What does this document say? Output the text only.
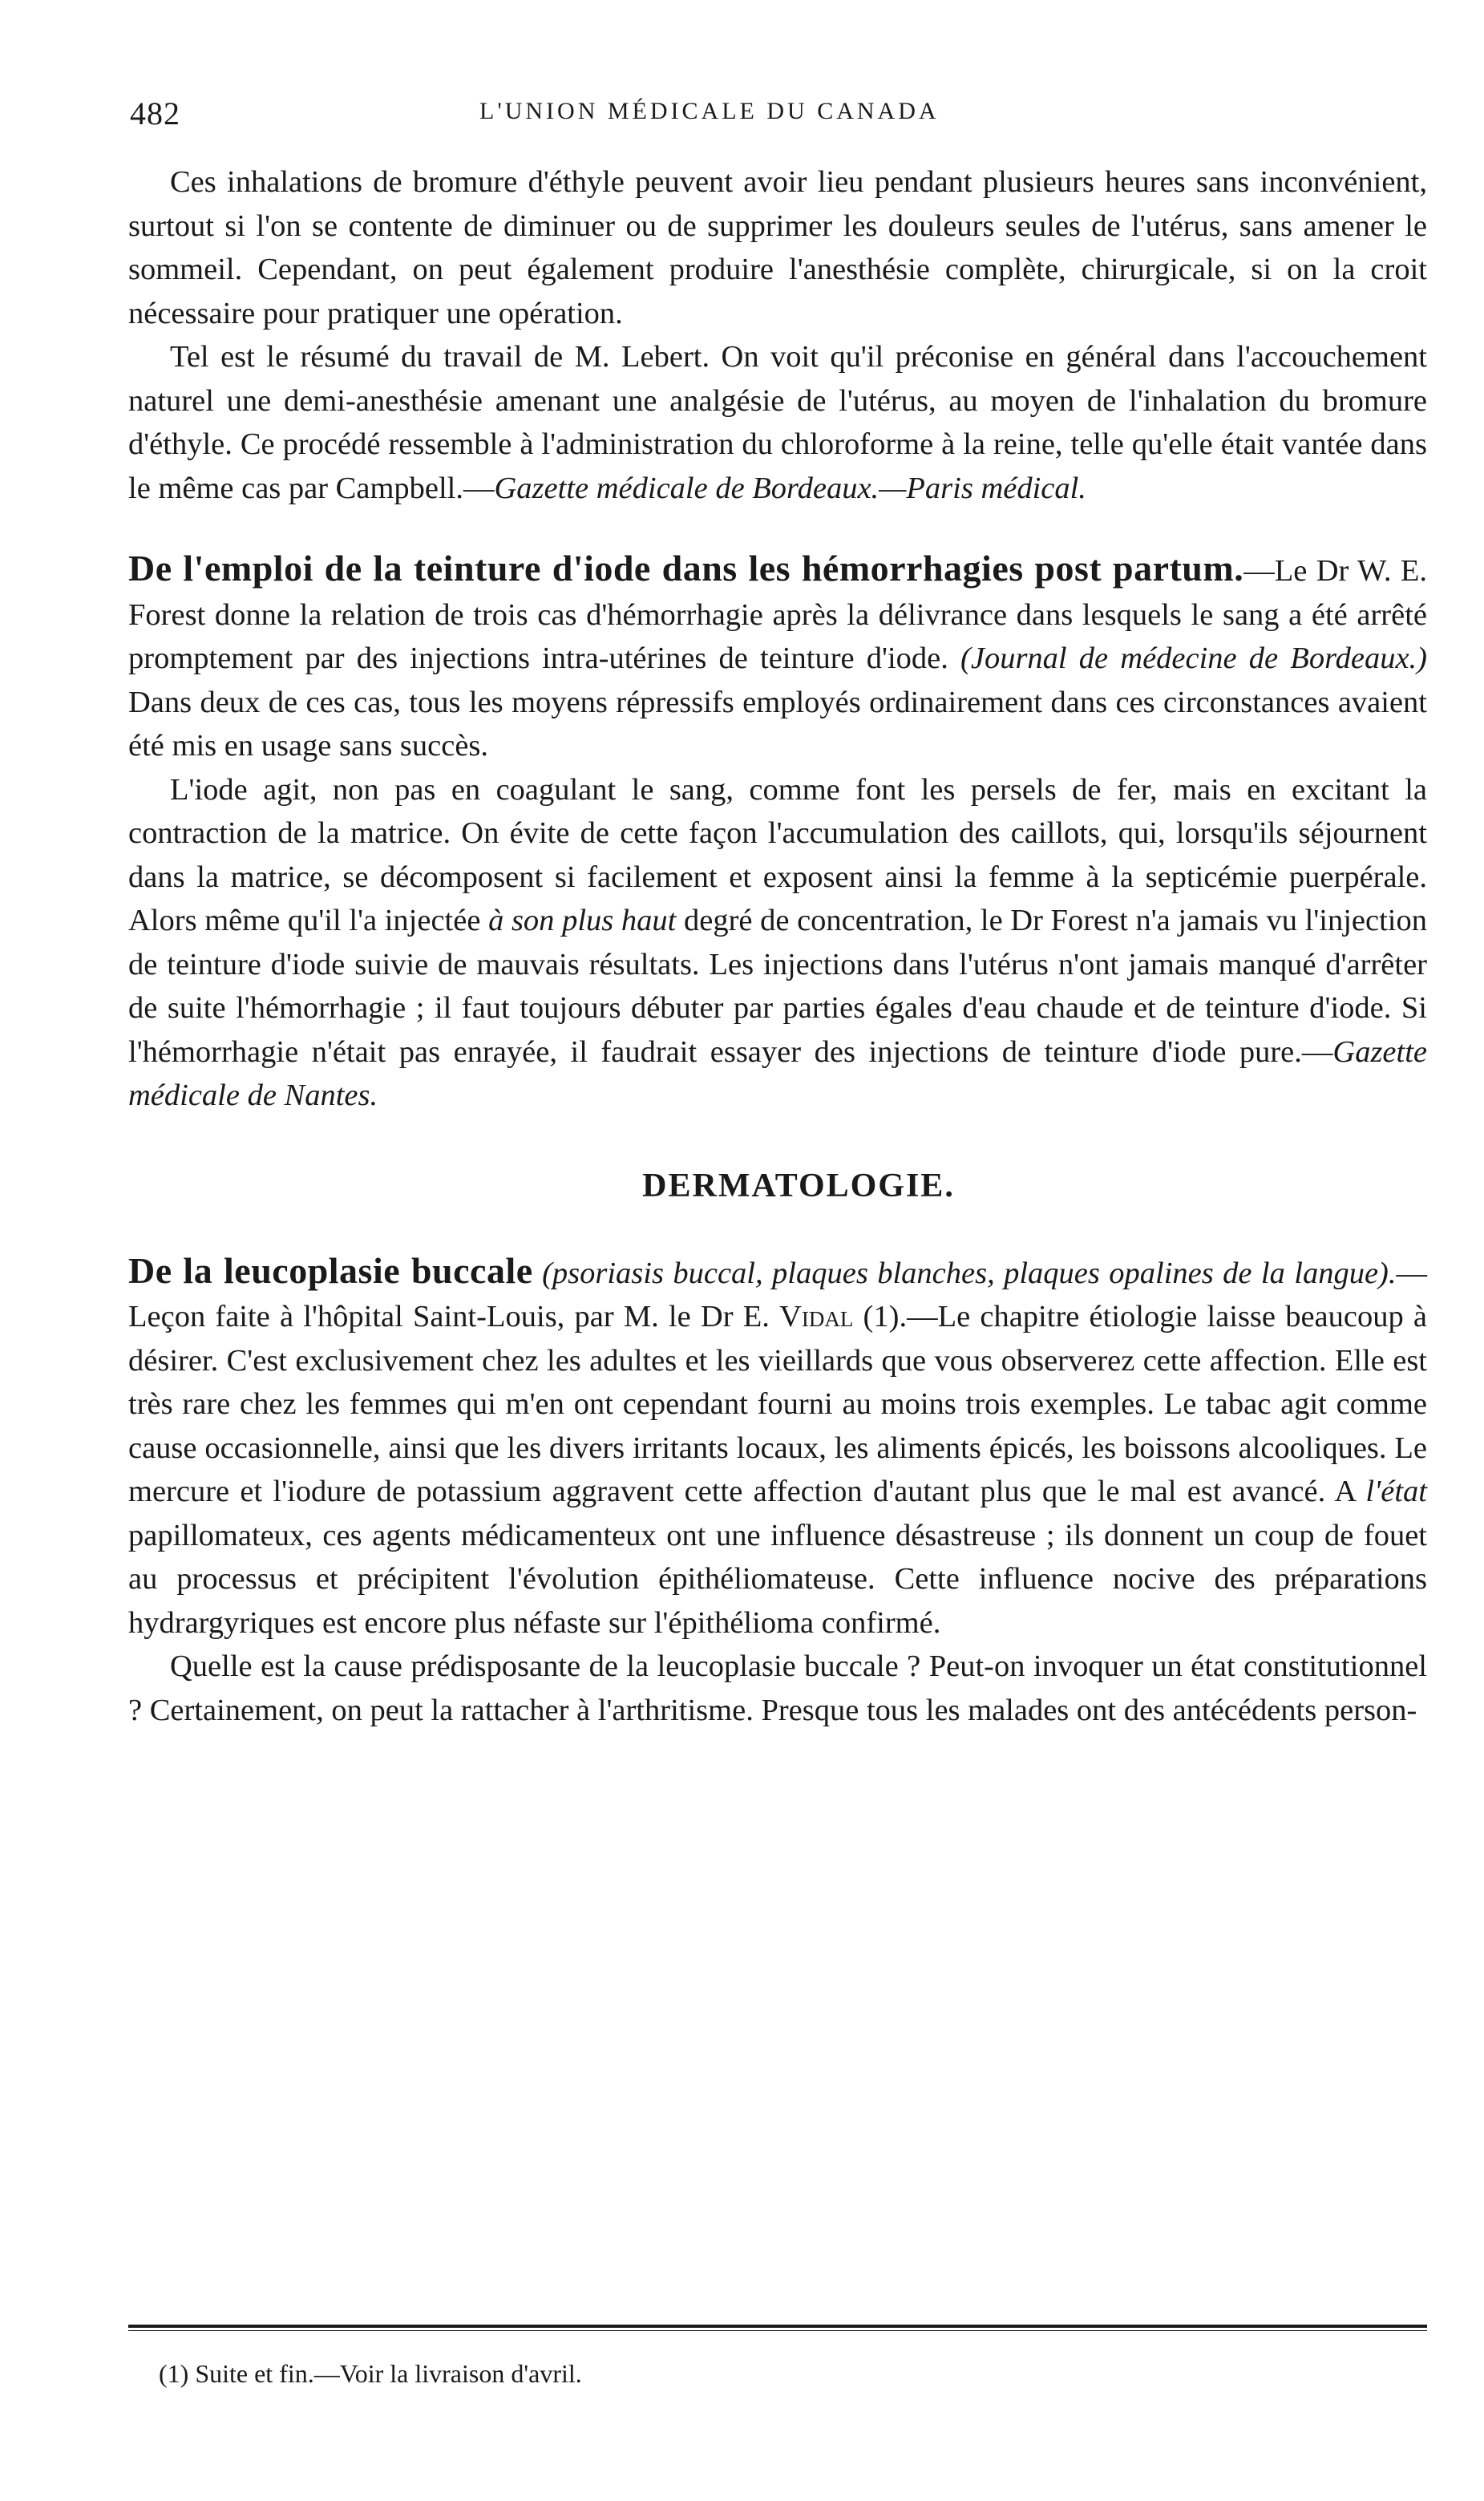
482	L'UNION MÉDICALE DU CANADA

Ces inhalations de bromure d'éthyle peuvent avoir lieu pendant plusieurs heures sans inconvénient, surtout si l'on se contente de diminuer ou de supprimer les douleurs seules de l'utérus, sans amener le sommeil. Cependant, on peut également produire l'anesthésie complète, chirurgicale, si on la croit nécessaire pour pratiquer une opération.

Tel est le résumé du travail de M. Lebert. On voit qu'il préconise en général dans l'accouchement naturel une demi-anesthésie amenant une analgésie de l'utérus, au moyen de l'inhalation du bromure d'éthyle. Ce procédé ressemble à l'administration du chloroforme à la reine, telle qu'elle était vantée dans le même cas par Campbell.—Gazette médicale de Bordeaux.—Paris médical.

De l'emploi de la teinture d'iode dans les hémorrhagies post partum.—Le Dr W. E. Forest donne la relation de trois cas d'hémorrhagie après la délivrance dans lesquels le sang a été arrêté promptement par des injections intra-utérines de teinture d'iode. (Journal de médecine de Bordeaux.) Dans deux de ces cas, tous les moyens répressifs employés ordinairement dans ces circonstances avaient été mis en usage sans succès.

L'iode agit, non pas en coagulant le sang, comme font les persels de fer, mais en excitant la contraction de la matrice. On évite de cette façon l'accumulation des caillots, qui, lorsqu'ils séjournent dans la matrice, se décomposent si facilement et exposent ainsi la femme à la septicémie puerpérale. Alors même qu'il l'a injectée à son plus haut degré de concentration, le Dr Forest n'a jamais vu l'injection de teinture d'iode suivie de mauvais résultats. Les injections dans l'utérus n'ont jamais manqué d'arrêter de suite l'hémorrhagie ; il faut toujours débuter par parties égales d'eau chaude et de teinture d'iode. Si l'hémorrhagie n'était pas enrayée, il faudrait essayer des injections de teinture d'iode pure.—Gazette médicale de Nantes.

DERMATOLOGIE.

De la leucoplasie buccale (psoriasis buccal, plaques blanches, plaques opalines de la langue).—Leçon faite à l'hôpital Saint-Louis, par M. le Dr E. Vidal (1).—Le chapitre étiologie laisse beaucoup à désirer. C'est exclusivement chez les adultes et les vieillards que vous observerez cette affection. Elle est très rare chez les femmes qui m'en ont cependant fourni au moins trois exemples. Le tabac agit comme cause occasionnelle, ainsi que les divers irritants locaux, les aliments épicés, les boissons alcooliques. Le mercure et l'iodure de potassium aggravent cette affection d'autant plus que le mal est avancé. A l'état papillomateux, ces agents médicamenteux ont une influence désastreuse ; ils donnent un coup de fouet au processus et précipitent l'évolution épithéliomateuse. Cette influence nocive des préparations hydrargyriques est encore plus néfaste sur l'épithélioma confirmé.

Quelle est la cause prédisposante de la leucoplasie buccale ? Peut-on invoquer un état constitutionnel ? Certainement, on peut la rattacher à l'arthritisme. Presque tous les malades ont des antécédents person-

(1) Suite et fin.—Voir la livraison d'avril.
